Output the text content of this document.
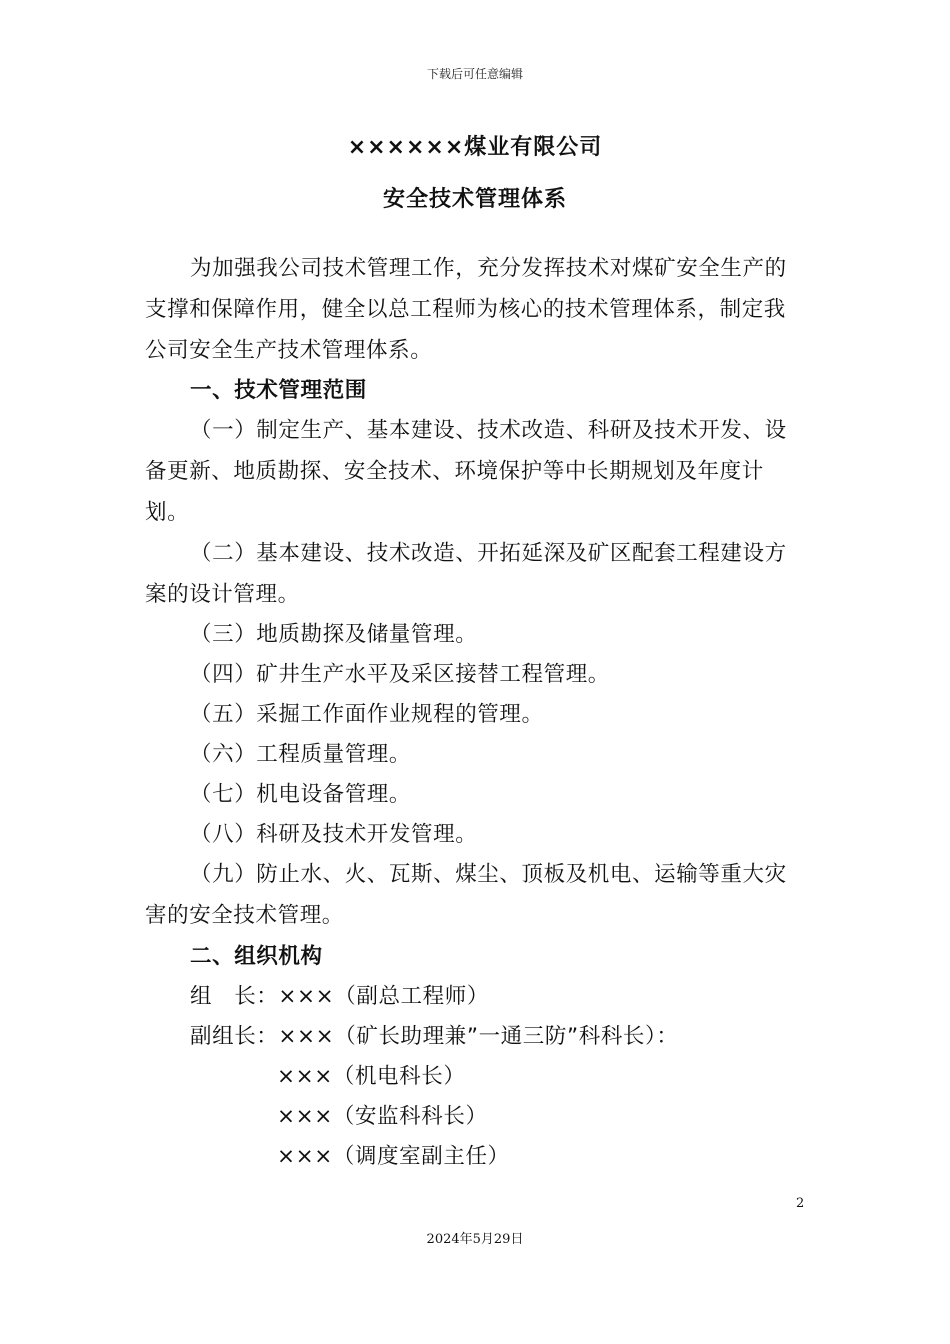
下载后可任意编辑

××××××煤业有限公司

安全技术管理体系

为加强我公司技术管理工作，充分发挥技术对煤矿安全生产的

支撑和保障作用，健全以总工程师为核心的技术管理体系，制定我

公司安全生产技术管理体系。

一、技术管理范围

（一）制定生产、基本建设、技术改造、科研及技术开发、设

备更新、地质勘探、安全技术、环境保护等中长期规划及年度计

划。

（二）基本建设、技术改造、开拓延深及矿区配套工程建设方

案的设计管理。

（三）地质勘探及储量管理。

（四）矿井生产水平及采区接替工程管理。

（五）采掘工作面作业规程的管理。

（六）工程质量管理。

（七）机电设备管理。

（八）科研及技术开发管理。

（九）防止水、火、瓦斯、煤尘、顶板及机电、运输等重大灾

害的安全技术管理。

二、组织机构

组　长：×××（副总工程师）

副组长：×××（矿长助理兼”一通三防”科科长）：

×××（机电科长）

×××（安监科科长）

×××（调度室副主任）

2

2024年5月29日
